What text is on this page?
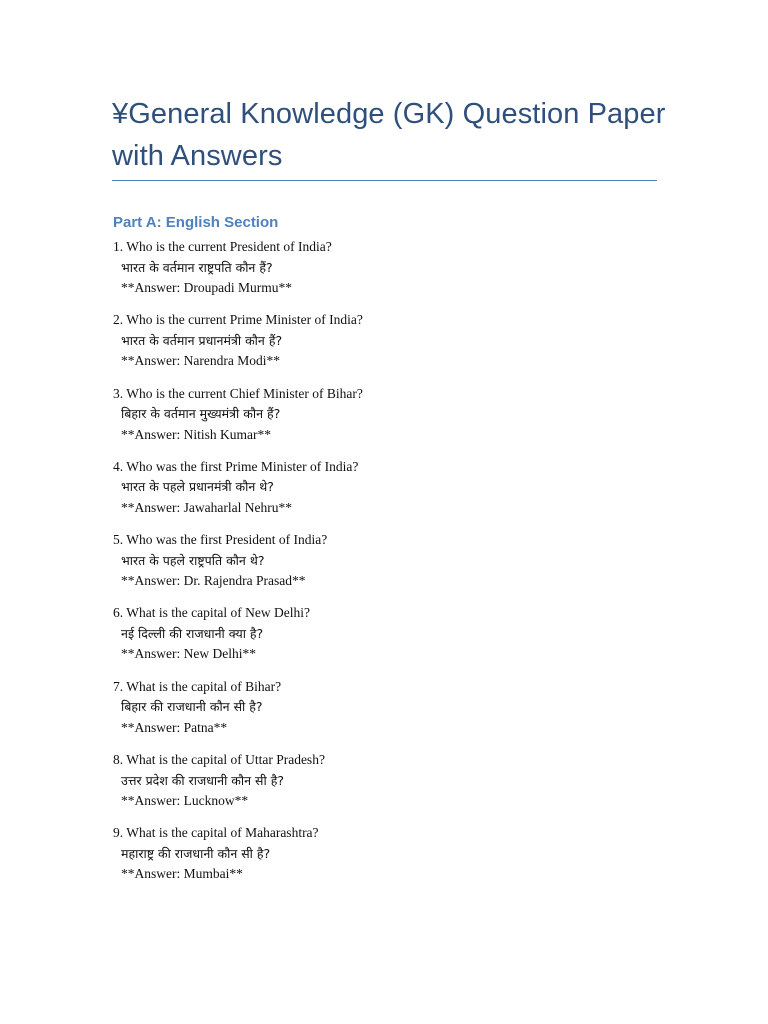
¥General Knowledge (GK) Question Paper with Answers
Part A: English Section
1. Who is the current President of India?
भारत के वर्तमान राष्ट्रपति कौन हैं?
**Answer: Droupadi Murmu**
2. Who is the current Prime Minister of India?
भारत के वर्तमान प्रधानमंत्री कौन हैं?
**Answer: Narendra Modi**
3. Who is the current Chief Minister of Bihar?
बिहार के वर्तमान मुख्यमंत्री कौन हैं?
**Answer: Nitish Kumar**
4. Who was the first Prime Minister of India?
भारत के पहले प्रधानमंत्री कौन थे?
**Answer: Jawaharlal Nehru**
5. Who was the first President of India?
भारत के पहले राष्ट्रपति कौन थे?
**Answer: Dr. Rajendra Prasad**
6. What is the capital of New Delhi?
नई दिल्ली की राजधानी क्या है?
**Answer: New Delhi**
7. What is the capital of Bihar?
बिहार की राजधानी कौन सी है?
**Answer: Patna**
8. What is the capital of Uttar Pradesh?
उत्तर प्रदेश की राजधानी कौन सी है?
**Answer: Lucknow**
9. What is the capital of Maharashtra?
महाराष्ट्र की राजधानी कौन सी है?
**Answer: Mumbai**
